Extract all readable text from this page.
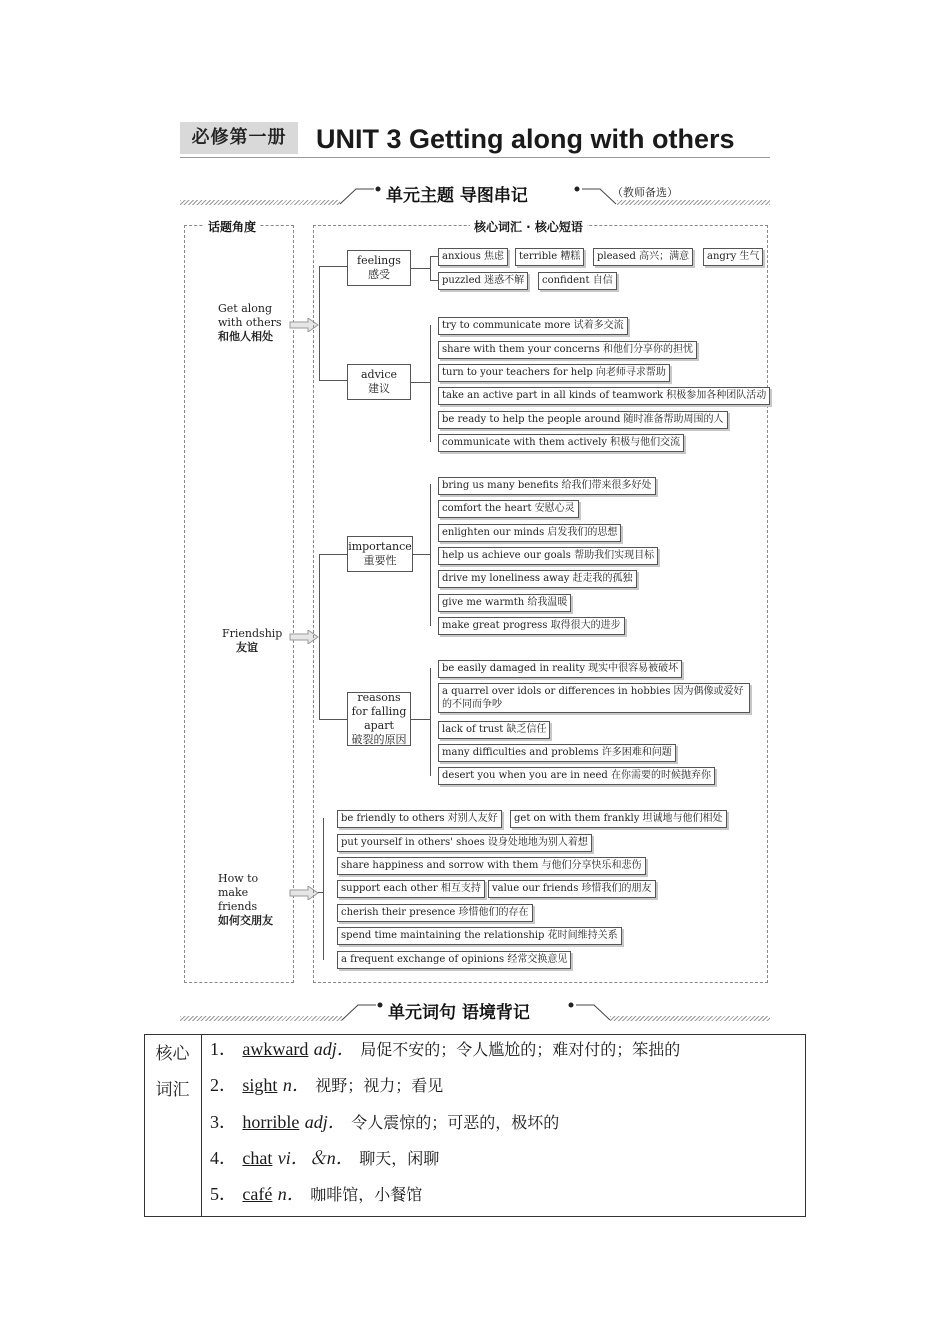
必修第一册	UNIT 3 Getting along with others
单元主题 导图串记	（教师备选）
话题角度
Get along with others
和他人相处
Friendship
友谊
How to make friends
如何交朋友
核心词汇 · 核心短语
feelings
感受
anxious 焦虑	terrible 糟糕	pleased 高兴；满意	angry 生气
puzzled 迷惑不解	confident 自信
advice
建议
try to communicate more 试着多交流
share with them your concerns 和他们分享你的担忧
turn to your teachers for help 向老师寻求帮助
take an active part in all kinds of teamwork 积极参加各种团队活动
be ready to help the people around 随时准备帮助周围的人
communicate with them actively 积极与他们交流
importance
重要性
bring us many benefits 给我们带来很多好处
comfort the heart 安慰心灵
enlighten our minds 启发我们的思想
help us achieve our goals 帮助我们实现目标
drive my loneliness away 赶走我的孤独
give me warmth 给我温暖
make great progress 取得很大的进步
reasons for falling apart
破裂的原因
be easily damaged in reality 现实中很容易被破坏
a quarrel over idols or differences in hobbies 因为偶像或爱好的不同而争吵
lack of trust 缺乏信任
many difficulties and problems 许多困难和问题
desert you when you are in need 在你需要的时候抛弃你
be friendly to others 对别人友好	get on with them frankly 坦诚地与他们相处
put yourself in others' shoes 设身处地地为别人着想
share happiness and sorrow with them 与他们分享快乐和悲伤
support each other 相互支持	value our friends 珍惜我们的朋友
cherish their presence 珍惜他们的存在
spend time maintaining the relationship 花时间维持关系
a frequent exchange of opinions 经常交换意见
单元词句 语境背记
核心
词汇
1． awkward adj． 局促不安的；令人尴尬的；难对付的；笨拙的
2． sight n． 视野；视力；看见
3． horrible adj． 令人震惊的；可恶的，极坏的
4． chat vi．＆n． 聊天，闲聊
5． café n． 咖啡馆，小餐馆
